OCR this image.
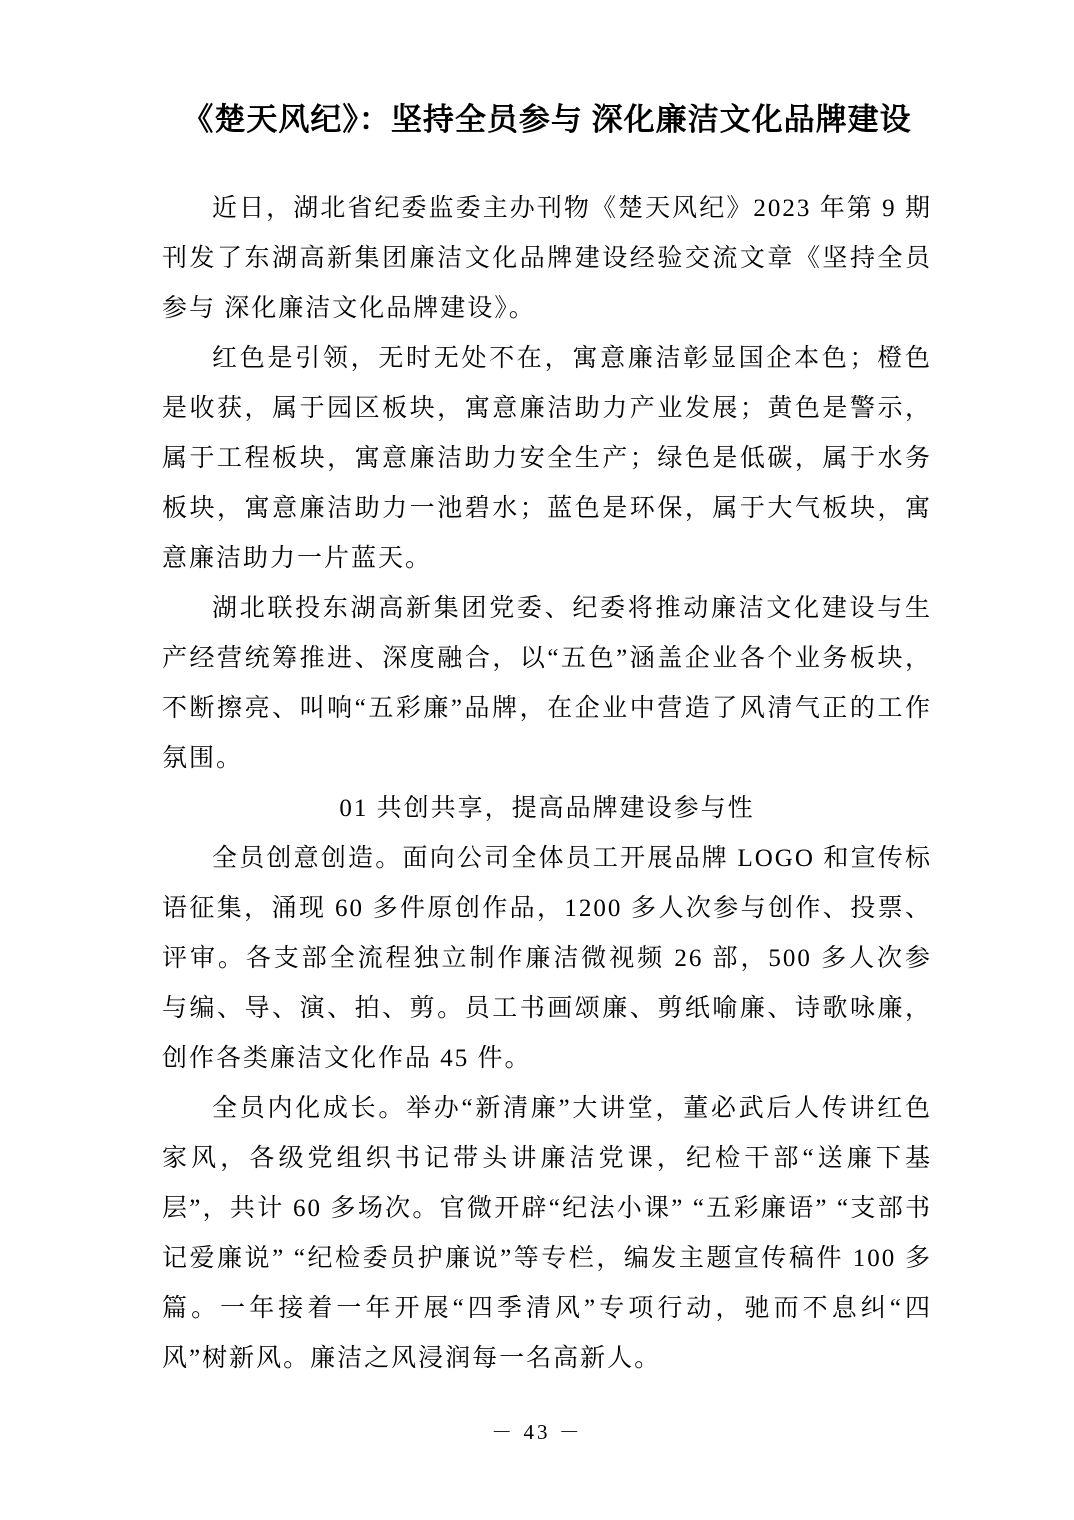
《楚天风纪》：坚持全员参与 深化廉洁文化品牌建设

近日，湖北省纪委监委主办刊物《楚天风纪》2023 年第 9 期刊发了东湖高新集团廉洁文化品牌建设经验交流文章《坚持全员参与 深化廉洁文化品牌建设》。

红色是引领，无时无处不在，寓意廉洁彰显国企本色；橙色是收获，属于园区板块，寓意廉洁助力产业发展；黄色是警示，属于工程板块，寓意廉洁助力安全生产；绿色是低碳，属于水务板块，寓意廉洁助力一池碧水；蓝色是环保，属于大气板块，寓意廉洁助力一片蓝天。

湖北联投东湖高新集团党委、纪委将推动廉洁文化建设与生产经营统筹推进、深度融合，以“五色”涵盖企业各个业务板块，不断擦亮、叫响“五彩廉”品牌，在企业中营造了风清气正的工作氛围。

01 共创共享，提高品牌建设参与性

全员创意创造。面向公司全体员工开展品牌 LOGO 和宣传标语征集，涌现 60 多件原创作品，1200 多人次参与创作、投票、评审。各支部全流程独立制作廉洁微视频 26 部，500 多人次参与编、导、演、拍、剪。员工书画颂廉、剪纸喻廉、诗歌咏廉，创作各类廉洁文化作品 45 件。

全员内化成长。举办“新清廉”大讲堂，董必武后人传讲红色家风，各级党组织书记带头讲廉洁党课，纪检干部“送廉下基层”，共计 60 多场次。官微开辟“纪法小课” “五彩廉语” “支部书记爱廉说” “纪检委员护廉说”等专栏，编发主题宣传稿件 100 多篇。一年接着一年开展“四季清风”专项行动，驰而不息纠“四风”树新风。廉洁之风浸润每一名高新人。

－ 43 －
